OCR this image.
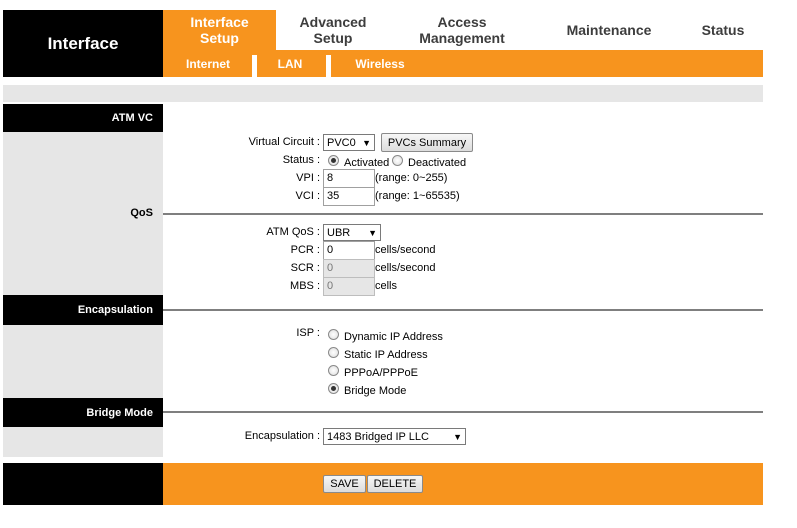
Interface
Interface
Setup
Advanced
Setup
Access
Management	Maintenance	Status
Internet	LAN	Wireless
ATM VC
QoS
Encapsulation
Bridge Mode
Virtual Circuit : PVC0 ▼	PVCs Summary
Status : Activated Deactivated
VPI : 8	(range: 0~255)
VCI : 35	(range: 1~65535)
ATM QoS : UBR ▼
PCR : 0	cells/second
SCR : 0	cells/second
MBS : 0	cells
ISP : Dynamic IP Address
Static IP Address
PPPoA/PPPoE
Bridge Mode
Encapsulation : 1483 Bridged IP LLC	▼
SAVE	DELETE
